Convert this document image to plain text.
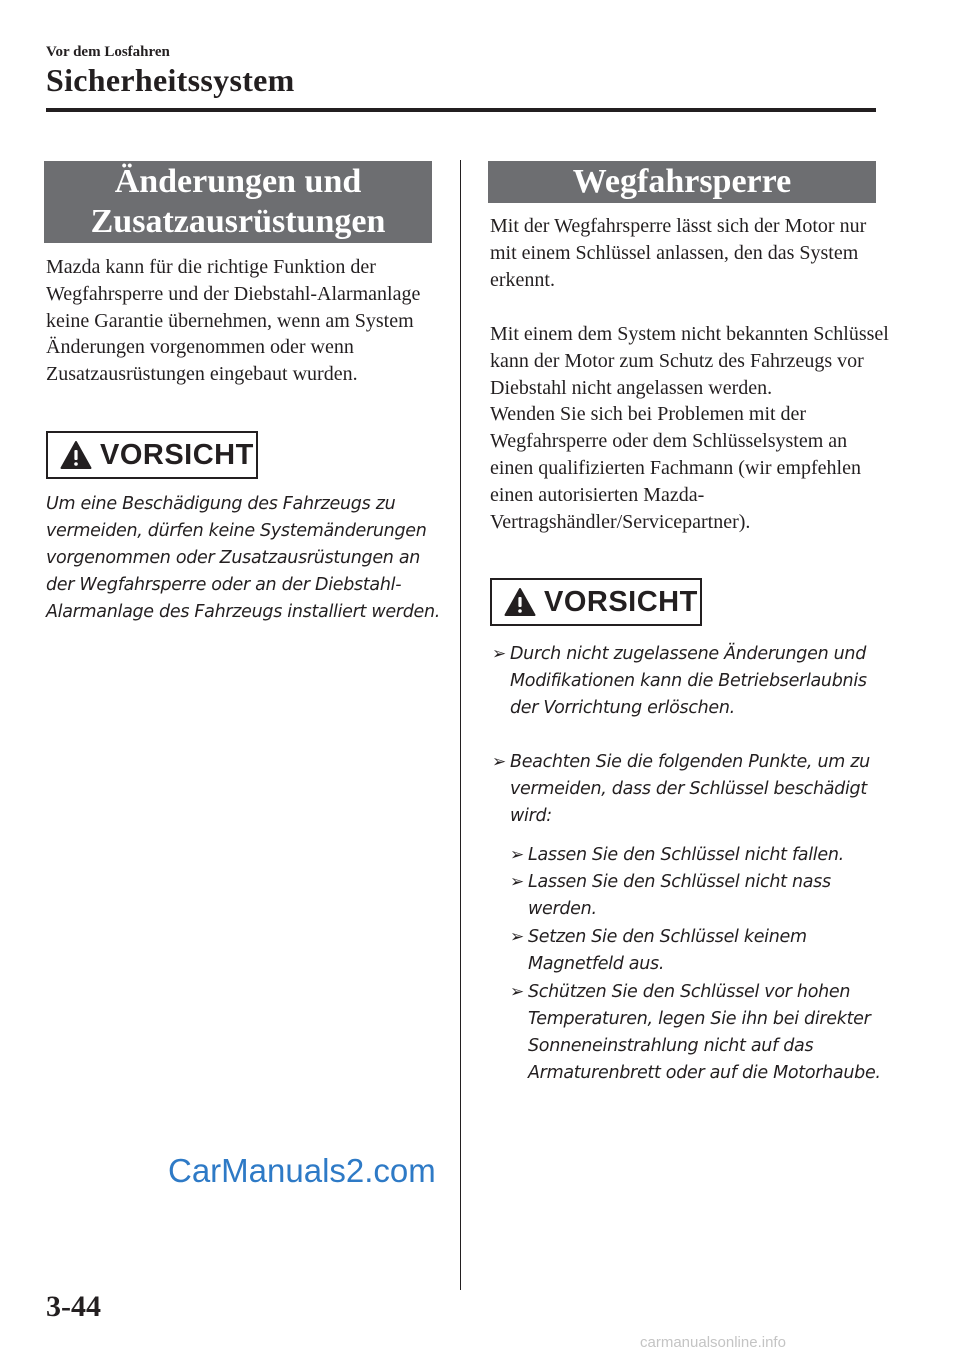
Vor dem Losfahren
Sicherheitssystem
Änderungen und
Zusatzausrüstungen
Mazda kann für die richtige Funktion der Wegfahrsperre und der Diebstahl-Alarmanlage keine Garantie übernehmen, wenn am System Änderungen vorgenommen oder wenn Zusatzausrüstungen eingebaut wurden.
VORSICHT
Um eine Beschädigung des Fahrzeugs zu vermeiden, dürfen keine Systemänderungen vorgenommen oder Zusatzausrüstungen an der Wegfahrsperre oder an der Diebstahl-Alarmanlage des Fahrzeugs installiert werden.
Wegfahrsperre
Mit der Wegfahrsperre lässt sich der Motor nur mit einem Schlüssel anlassen, den das System erkennt.
Mit einem dem System nicht bekannten Schlüssel kann der Motor zum Schutz des Fahrzeugs vor Diebstahl nicht angelassen werden.
Wenden Sie sich bei Problemen mit der Wegfahrsperre oder dem Schlüsselsystem an einen qualifizierten Fachmann (wir empfehlen einen autorisierten Mazda-Vertragshändler/Servicepartner).
VORSICHT
➢ Durch nicht zugelassene Änderungen und Modifikationen kann die Betriebserlaubnis der Vorrichtung erlöschen.
➢ Beachten Sie die folgenden Punkte, um zu vermeiden, dass der Schlüssel beschädigt wird:
➢ Lassen Sie den Schlüssel nicht fallen.
➢ Lassen Sie den Schlüssel nicht nass werden.
➢ Setzen Sie den Schlüssel keinem Magnetfeld aus.
➢ Schützen Sie den Schlüssel vor hohen Temperaturen, legen Sie ihn bei direkter Sonneneinstrahlung nicht auf das Armaturenbrett oder auf die Motorhaube.
CarManuals2.com
3-44
carmanualsonline.info
